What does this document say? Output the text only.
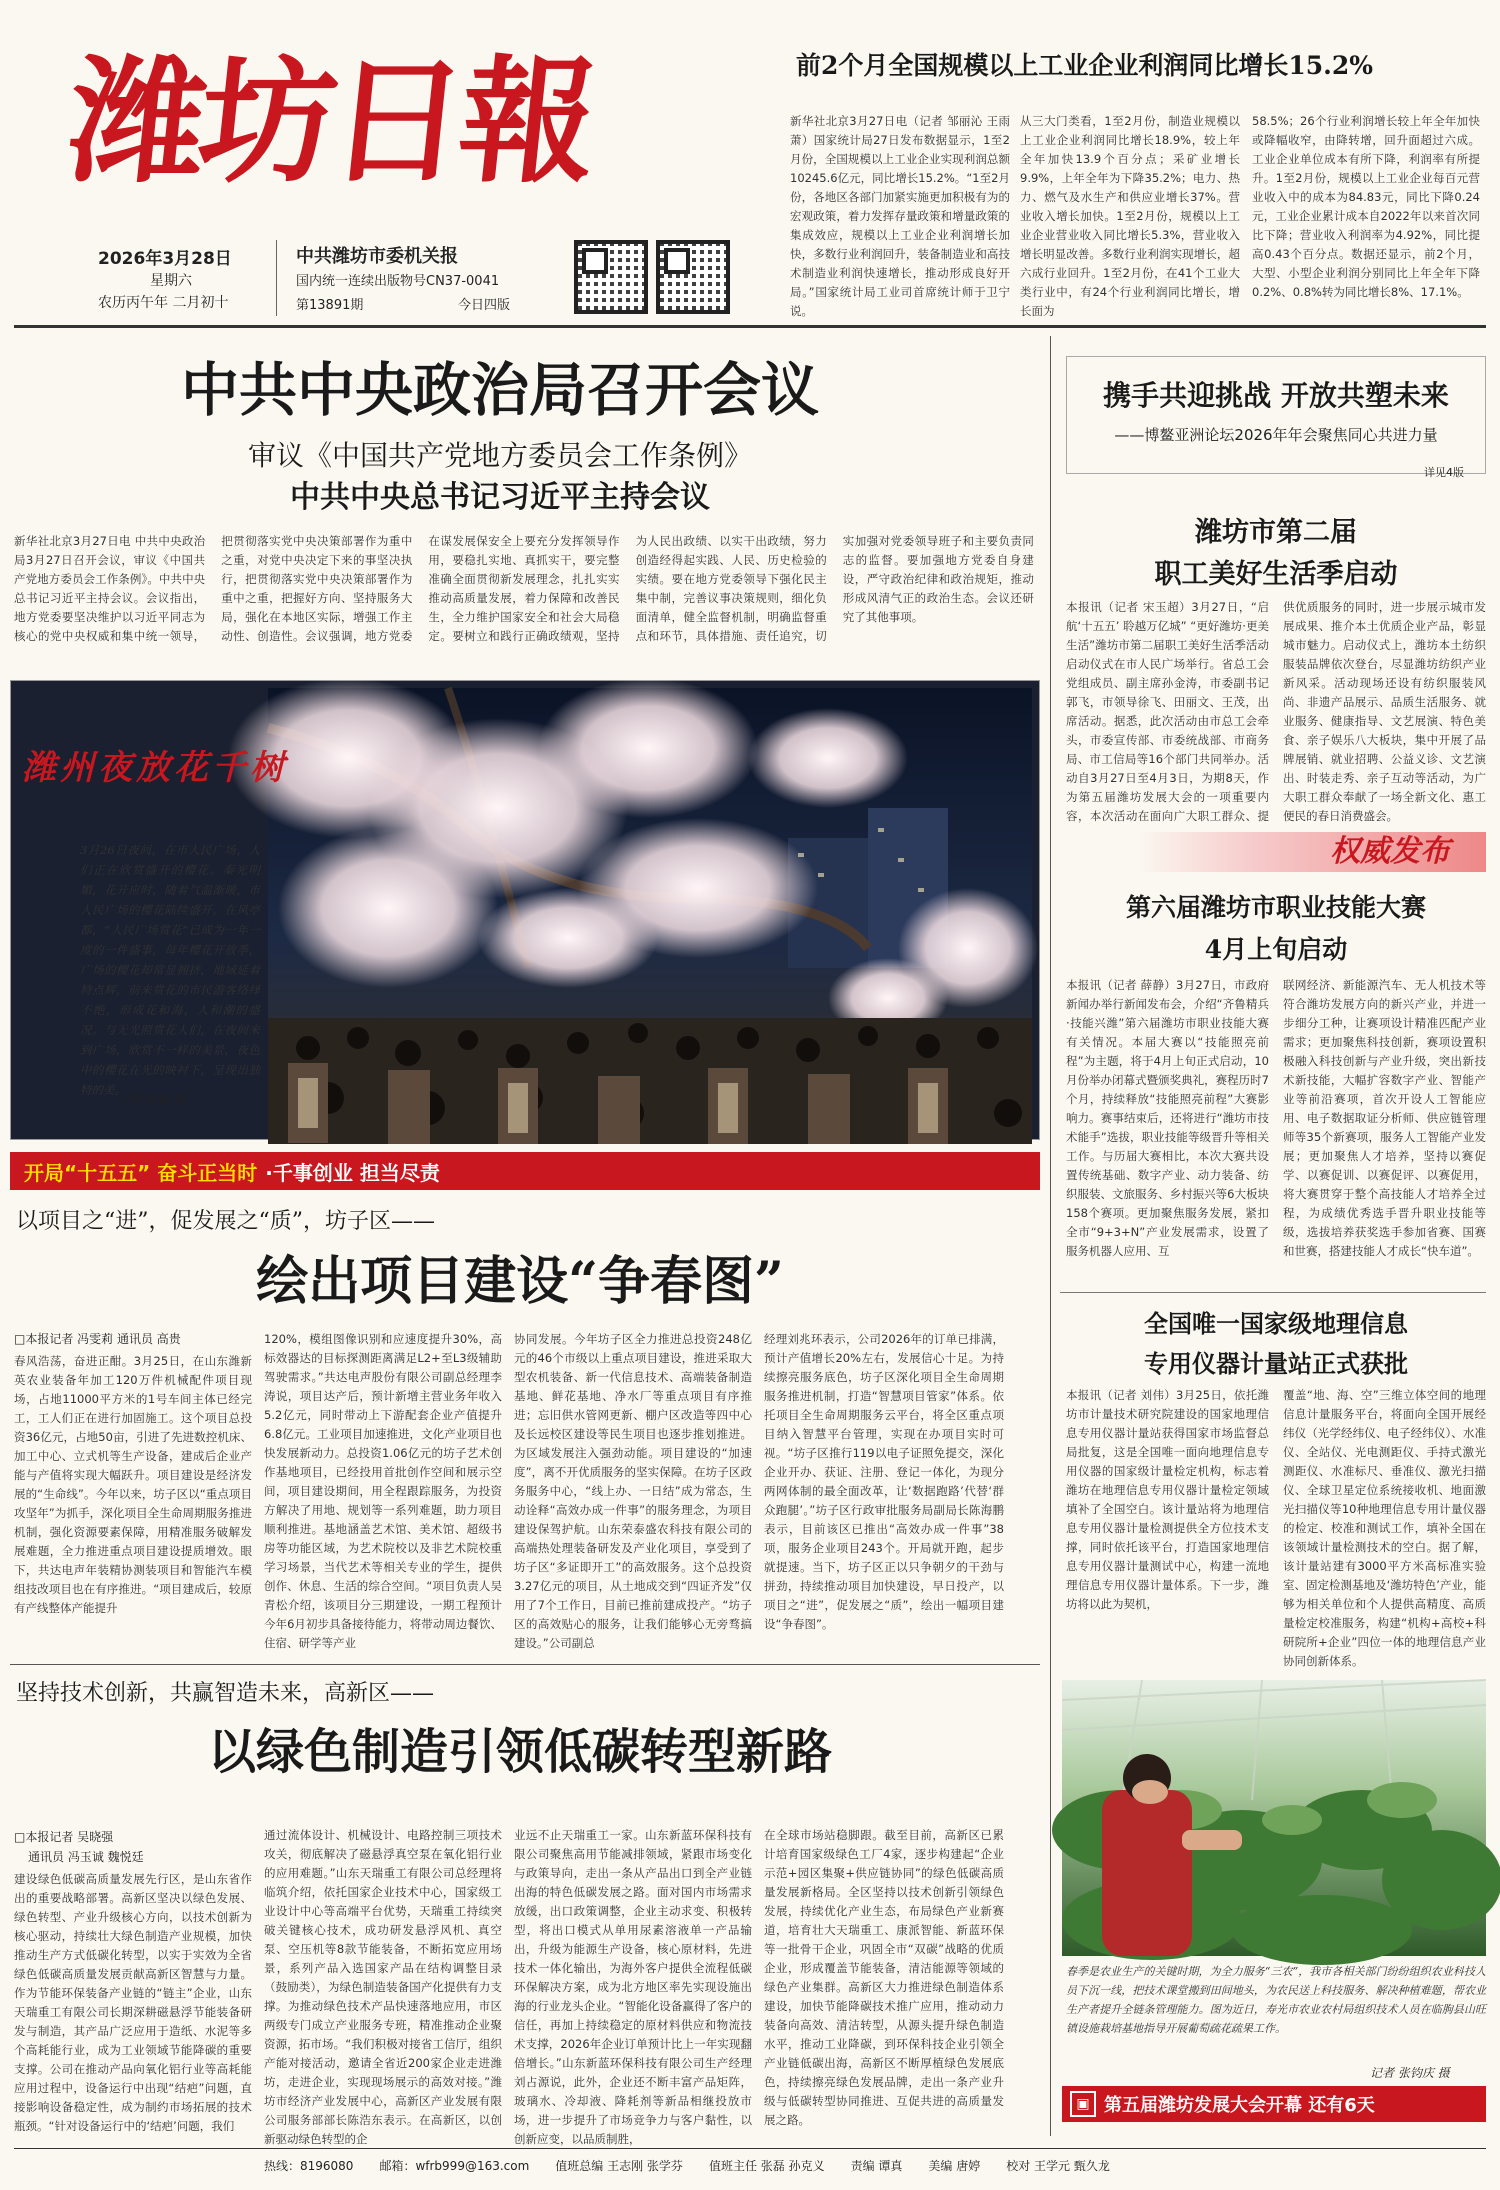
潍坊日報
2026年3月28日
星期六
农历丙午年 二月初十
中共潍坊市委机关报
国内统一连续出版物号CN37-0041
第13891期	今日四版
前2个月全国规模以上工业企业利润同比增长15.2%
新华社北京3月27日电（记者 邹丽沁 王雨萧）国家统计局27日发布数据显示，1至2月份，全国规模以上工业企业实现利润总额10245.6亿元，同比增长15.2%。“1至2月份，各地区各部门加紧实施更加积极有为的宏观政策，着力发挥存量政策和增量政策的集成效应，规模以上工业企业利润增长加快，多数行业利润回升，装备制造业和高技术制造业利润快速增长，推动形成良好开局。”国家统计局工业司首席统计师于卫宁说。
从三大门类看，1至2月份，制造业规模以上工业企业利润同比增长18.9%，较上年全年加快13.9个百分点；采矿业增长9.9%，上年全年为下降35.2%；电力、热力、燃气及水生产和供应业增长37%。营业收入增长加快。1至2月份，规模以上工业企业营业收入同比增长5.3%，营业收入增长明显改善。多数行业利润实现增长，超六成行业回升。1至2月份，在41个工业大类行业中，有24个行业利润同比增长，增长面为
58.5%；26个行业利润增长较上年全年加快或降幅收窄，由降转增，回升面超过六成。工业企业单位成本有所下降，利润率有所提升。1至2月份，规模以上工业企业每百元营业收入中的成本为84.83元，同比下降0.24元，工业企业累计成本自2022年以来首次同比下降；营业收入利润率为4.92%，同比提高0.43个百分点。数据还显示，前2个月，大型、小型企业利润分别同比上年全年下降0.2%、0.8%转为同比增长8%、17.1%。
中共中央政治局召开会议
审议《中国共产党地方委员会工作条例》
中共中央总书记习近平主持会议
新华社北京3月27日电 中共中央政治局3月27日召开会议，审议《中国共产党地方委员会工作条例》。中共中央总书记习近平主持会议。会议指出，地方党委要坚决维护以习近平同志为核心的党中央权威和集中统一领导，把贯彻落实党中央决策部署作为重中之重，对党中央决定下来的事坚决执行，把贯彻落实党中央决策部署作为重中之重，把握好方向、坚持服务大局，强化在本地区实际，增强工作主动性、创造性。会议强调，地方党委在谋发展保安全上要充分发挥领导作用，要稳扎实地、真抓实干，要完整准确全面贯彻新发展理念，扎扎实实推动高质量发展，着力保障和改善民生，全力维护国家安全和社会大局稳定。要树立和践行正确政绩观，坚持为人民出政绩、以实干出政绩，努力创造经得起实践、人民、历史检验的实绩。要在地方党委领导下强化民主集中制，完善议事决策规则，细化负面清单，健全监督机制，明确监督重点和环节，具体措施、责任追究，切实加强对党委领导班子和主要负责同志的监督。要加强地方党委自身建设，严守政治纪律和政治规矩，推动形成风清气正的政治生态。会议还研究了其他事项。
潍州夜放花千树
3月26日夜间，在市人民广场，人们正在欣赏盛开的樱花。秦光明媚，花开应时，随着气温渐暖，市人民广场的樱花陆续盛开。在风亭都，“人民广场赏花”已成为一年一度的一件盛事，每年樱花开放季，广场的樱花却常显拥挤，地域延着特点辉，前来赏花的市民游客络绎不绝，形成花和海，人和潮的盛况。与无光照赏花人们，在夜间来到广场，欣赏不一样的美景，夜色中的樱花在光的映衬下，呈现出独特的美。
记者 张驰 摄
开局“十五五” 奋斗正当时 ·千事创业 担当尽责
以项目之“进”，促发展之“质”，坊子区——
绘出项目建设“争春图”
□本报记者 冯雯莉 通讯员 高贵
春风浩荡，奋进正酣。3月25日，在山东潍新英农业装备年加工120万件机械配件项目现场，占地11000平方米的1号车间主体已经完工，工人们正在进行加固施工。这个项目总投资36亿元，占地50亩，引进了先进数控机床、加工中心、立式机等生产设备，建成后企业产能与产值将实现大幅跃升。项目建设是经济发展的“生命线”。今年以来，坊子区以“重点项目攻坚年”为抓手，深化项目全生命周期服务推进机制，强化资源要素保障，用精准服务破解发展难题，全力推进重点项目建设提质增效。眼下，共达电声年装精协测装项目和智能汽车模组技改项目也在有序推进。“项目建成后，较原有产线整体产能提升
120%，模组图像识别和应速度提升30%，高标效器达的目标探测距离满足L2+至L3级辅助驾驶需求。”共达电声股份有限公司副总经理李涛说，项目达产后，预计新增主营业务年收入5.2亿元，同时带动上下游配套企业产值提升6.8亿元。工业项目加速推进，文化产业项目也快发展新动力。总投资1.06亿元的坊子艺术创作基地项目，已经投用首批创作空间和展示空间，项目建设期间，用全程跟踪服务，为投资方解决了用地、规划等一系列难题，助力项目顺利推进。基地涵盖艺术馆、美术馆、超级书房等功能区域，为艺术院校以及非艺术院校重学习场景，当代艺术等相关专业的学生，提供创作、休息、生活的综合空间。“项目负责人吴青松介绍，该项目分三期建设，一期工程预计今年6月初步具备接待能力，将带动周边餐饮、住宿、研学等产业
协同发展。今年坊子区全力推进总投资248亿元的46个市级以上重点项目建设，推进采取大型农机装备、新一代信息技术、高端装备制造基地、鲜花基地、净水厂等重点项目有序推进；忘旧供水管网更新、棚户区改造等四中心及长远校区建设等民生项目也逐步推划推进。为区域发展注入强劲动能。项目建设的“加速度”，离不开优质服务的坚实保障。在坊子区政务服务中心，“线上办、一日结”成为常态，生动诠释“高效办成一件事”的服务理念，为项目建设保驾护航。山东荣泰盛农科技有限公司的高端热处理装备研发及产业化项目，享受到了坊子区“多证即开工”的高效服务。这个总投资3.27亿元的项目，从土地成交到“四证齐发”仅用了7个工作日，目前已推前建成投产。“坊子区的高效贴心的服务，让我们能够心无旁骛搞建设。”公司副总
经理刘兆环表示，公司2026年的订单已排满，预计产值增长20%左右，发展信心十足。为持续擦亮服务底色，坊子区深化项目全生命周期服务推进机制，打造“智慧项目管家”体系。依托项目全生命周期服务云平台，将全区重点项目纳入智慧平台管理，实现在办项目实时可视。“坊子区推行119以电子证照免提交，深化企业开办、获证、注册、登记一体化，为现分两网体制的最全面改革，让‘数据跑路’代替‘群众跑腿’。”坊子区行政审批服务局副局长陈海鹏表示，目前该区已推出“高效办成一件事”38项，服务企业项目243个。开局就开跑，起步就提速。当下，坊子区正以只争朝夕的干劲与拼劲，持续推动项目加快建设，早日投产，以项目之“进”，促发展之“质”，绘出一幅项目建设“争春图”。
坚持技术创新，共赢智造未来，高新区——
以绿色制造引领低碳转型新路
□本报记者 吴晓强
通讯员 冯玉诚 魏悦廷
建设绿色低碳高质量发展先行区，是山东省作出的重要战略部署。高新区坚决以绿色发展、绿色转型、产业升级核心方向，以技术创新为核心驱动，持续壮大绿色制造产业规模，加快推动生产方式低碳化转型，以实于实效为全省绿色低碳高质量发展贡献高新区智慧与力量。作为节能环保装备产业链的“链主”企业，山东天瑞重工有限公司长期深耕磁悬浮节能装备研发与制造，其产品广泛应用于造纸、水泥等多个高耗能行业，成为工业领域节能降碳的重要支撑。公司在推动产品向氧化铝行业等高耗能应用过程中，设备运行中出现“结疤”问题，直接影响设备稳定性，成为制约市场拓展的技术瓶颈。“针对设备运行中的‘结疤’问题，我们
通过流体设计、机械设计、电路控制三项技术攻关，彻底解决了磁悬浮真空泵在氧化铝行业的应用难题。”山东天瑞重工有限公司总经理将临筑介绍，依托国家企业技术中心，国家级工业设计中心等高端平台优势，天瑞重工持续突破关键核心技术，成功研发悬浮风机、真空泵、空压机等8款节能装备，不断拓宽应用场景，系列产品入选国家产品在结构调整目录（鼓励类），为绿色制造装备国产化提供有力支撑。为推动绿色技术产品快速落地应用，市区两级专门成立产业服务专班，精准推动企业聚资源，拓市场。“我们积极对接省工信厅，组织产能对接活动，邀请全省近200家企业走进潍坊，走进企业，实现现场展示的高效对接。”潍坊市经济产业发展中心，高新区产业发展有限公司服务部部长陈浩东表示。在高新区，以创新驱动绿色转型的企
业远不止天瑞重工一家。山东新蓝环保科技有限公司聚焦高用节能减排领域，紧跟市场变化与政策导向，走出一条从产品出口到全产业链出海的特色低碳发展之路。面对国内市场需求放缓，出口政策调整，企业主动求变、积极转型，将出口模式从单用尿素溶液单一产品输出，升级为能源生产设备，核心原材料，先进技术一体化输出，为海外客户提供全流程低碳环保解决方案，成为北方地区率先实现设施出海的行业龙头企业。“智能化设备赢得了客户的信任，再加上持续稳定的原材料供应和物流技术支撑，2026年企业订单预计比上一年实现翻倍增长。”山东新蓝环保科技有限公司生产经理刘占源说，此外，企业还不断丰富产品矩阵，玻璃水、冷却液、降耗剂等新品相继投放市场，进一步提升了市场竞争力与客户黏性，以创新应变，以品质制胜，
在全球市场站稳脚跟。截至目前，高新区已累计培育国家级绿色工厂4家，逐步构建起“企业示范+园区集聚+供应链协同”的绿色低碳高质量发展新格局。全区坚持以技术创新引领绿色发展，持续优化产业生态，布局绿色产业新赛道，培育壮大天瑞重工、康派智能、新蓝环保等一批骨干企业，巩固全市“双碳”战略的优质企业，形成覆盖节能装备，清洁能源等领域的绿色产业集群。高新区大力推进绿色制造体系建设，加快节能降碳技术推广应用，推动动力装备向高效、清洁转型，从源头提升绿色制造水平，推动工业降碳，到环保科技企业引领全产业链低碳出海，高新区不断厚植绿色发展底色，持续擦亮绿色发展品牌，走出一条产业升级与低碳转型协同推进、互促共进的高质量发展之路。
携手共迎挑战 开放共塑未来
——博鳌亚洲论坛2026年年会聚焦同心共进力量
详见4版
潍坊市第二届
职工美好生活季启动
本报讯（记者 宋玉超）3月27日，“启航‘十五五’ 聆越万亿城” “更好潍坊·更美生活”潍坊市第二届职工美好生活季活动启动仪式在市人民广场举行。省总工会党组成员、副主席孙金涛，市委副书记郭飞，市领导徐飞、田丽文、王茂，出席活动。据悉，此次活动由市总工会牵头，市委宣传部、市委统战部、市商务局、市工信局等16个部门共同举办。活动自3月27日至4月3日，为期8天，作为第五届潍坊发展大会的一项重要内容，本次活动在面向广大职工群众、提供优质服务的同时，进一步展示城市发展成果、推介本土优质企业产品，彰显城市魅力。启动仪式上，潍坊本土纺织服装品牌依次登台，尽显潍坊纺织产业新风采。活动现场还设有纺织服装风尚、非遗产品展示、品质生活服务、就业服务、健康指导、文艺展演、特色美食、亲子娱乐八大板块，集中开展了品牌展销、就业招聘、公益义诊、文艺演出、时装走秀、亲子互动等活动，为广大职工群众奉献了一场全新文化、惠工便民的春日消费盛会。
权威发布
第六届潍坊市职业技能大赛
4月上旬启动
本报讯（记者 薛静）3月27日，市政府新闻办举行新闻发布会，介绍“齐鲁精兵·技能兴潍”第六届潍坊市职业技能大赛有关情况。本届大赛以“技能照亮前程”为主题，将于4月上旬正式启动，10月份举办闭幕式暨颁奖典礼，赛程历时7个月，持续释放“技能照亮前程”大赛影响力。赛事结束后，还将进行“潍坊市技术能手”选拔，职业技能等级晋升等相关工作。与历届大赛相比，本次大赛共设置传统基础、数字产业、动力装备、纺织服装、文旅服务、乡村振兴等6大板块158个赛项。更加聚焦服务发展，紧扣全市“9+3+N”产业发展需求，设置了服务机器人应用、互
联网经济、新能源汽车、无人机技术等符合潍坊发展方向的新兴产业，并进一步细分工种，让赛项设计精准匹配产业需求；更加聚焦科技创新，赛项设置积极融入科技创新与产业升级，突出新技术新技能，大幅扩容数字产业、智能产业等前沿赛项，首次开设人工智能应用、电子数据取证分析师、供应链管理师等35个新赛项，服务人工智能产业发展；更加聚焦人才培养，坚持以赛促学、以赛促训、以赛促评、以赛促用，将大赛贯穿于整个高技能人才培养全过程，为成绩优秀选手晋升职业技能等级，选拔培养获奖选手参加省赛、国赛和世赛，搭建技能人才成长“快车道”。
全国唯一国家级地理信息
专用仪器计量站正式获批
本报讯（记者 刘伟）3月25日，依托潍坊市计量技术研究院建设的国家地理信息专用仪器计量站获得国家市场监督总局批复，这是全国唯一面向地理信息专用仪器的国家级计量检定机构，标志着潍坊在地理信息专用仪器计量检定领域填补了全国空白。该计量站将为地理信息专用仪器计量检测提供全方位技术支撑，同时依托该平台，打造国家地理信息专用仪器计量测试中心，构建一流地理信息专用仪器计量体系。下一步，潍坊将以此为契机，
覆盖“地、海、空”三维立体空间的地理信息计量服务平台，将面向全国开展经纬仪（光学经纬仪、电子经纬仪）、水准仪、全站仪、光电测距仪、手持式激光测距仪、水准标尺、垂准仪、激光扫描仪、全球卫星定位系统接收机、地面激光扫描仪等10种地理信息专用计量仪器的检定、校准和测试工作，填补全国在该领域计量检测技术的空白。据了解，该计量站建有3000平方米高标准实验室、固定检测基地及‘潍坊特色’产业，能够为相关单位和个人提供高精度、高质量检定校准服务，构建“机构+高校+科研院所+企业”四位一体的地理信息产业协同创新体系。
春季是农业生产的关键时期，为全力服务“三农”，我市各相关部门纷纷组织农业科技人员下沉一线，把技术课堂搬到田间地头，为农民送上科技服务、解决种植难题，帮农业生产者提升全链条管理能力。图为近日，寿光市农业农村局组织技术人员在临朐县山旺镇设施栽培基地指导开展葡萄疏花疏果工作。
记者 张钧庆 摄
▣ 第五届潍坊发展大会开幕 还有6天
热线：8196080 邮箱：wfrb999@163.com 值班总编 王志刚 张学芬 值班主任 张磊 孙克义 责编 谭真 美编 唐婷 校对 王学元 甄久龙
